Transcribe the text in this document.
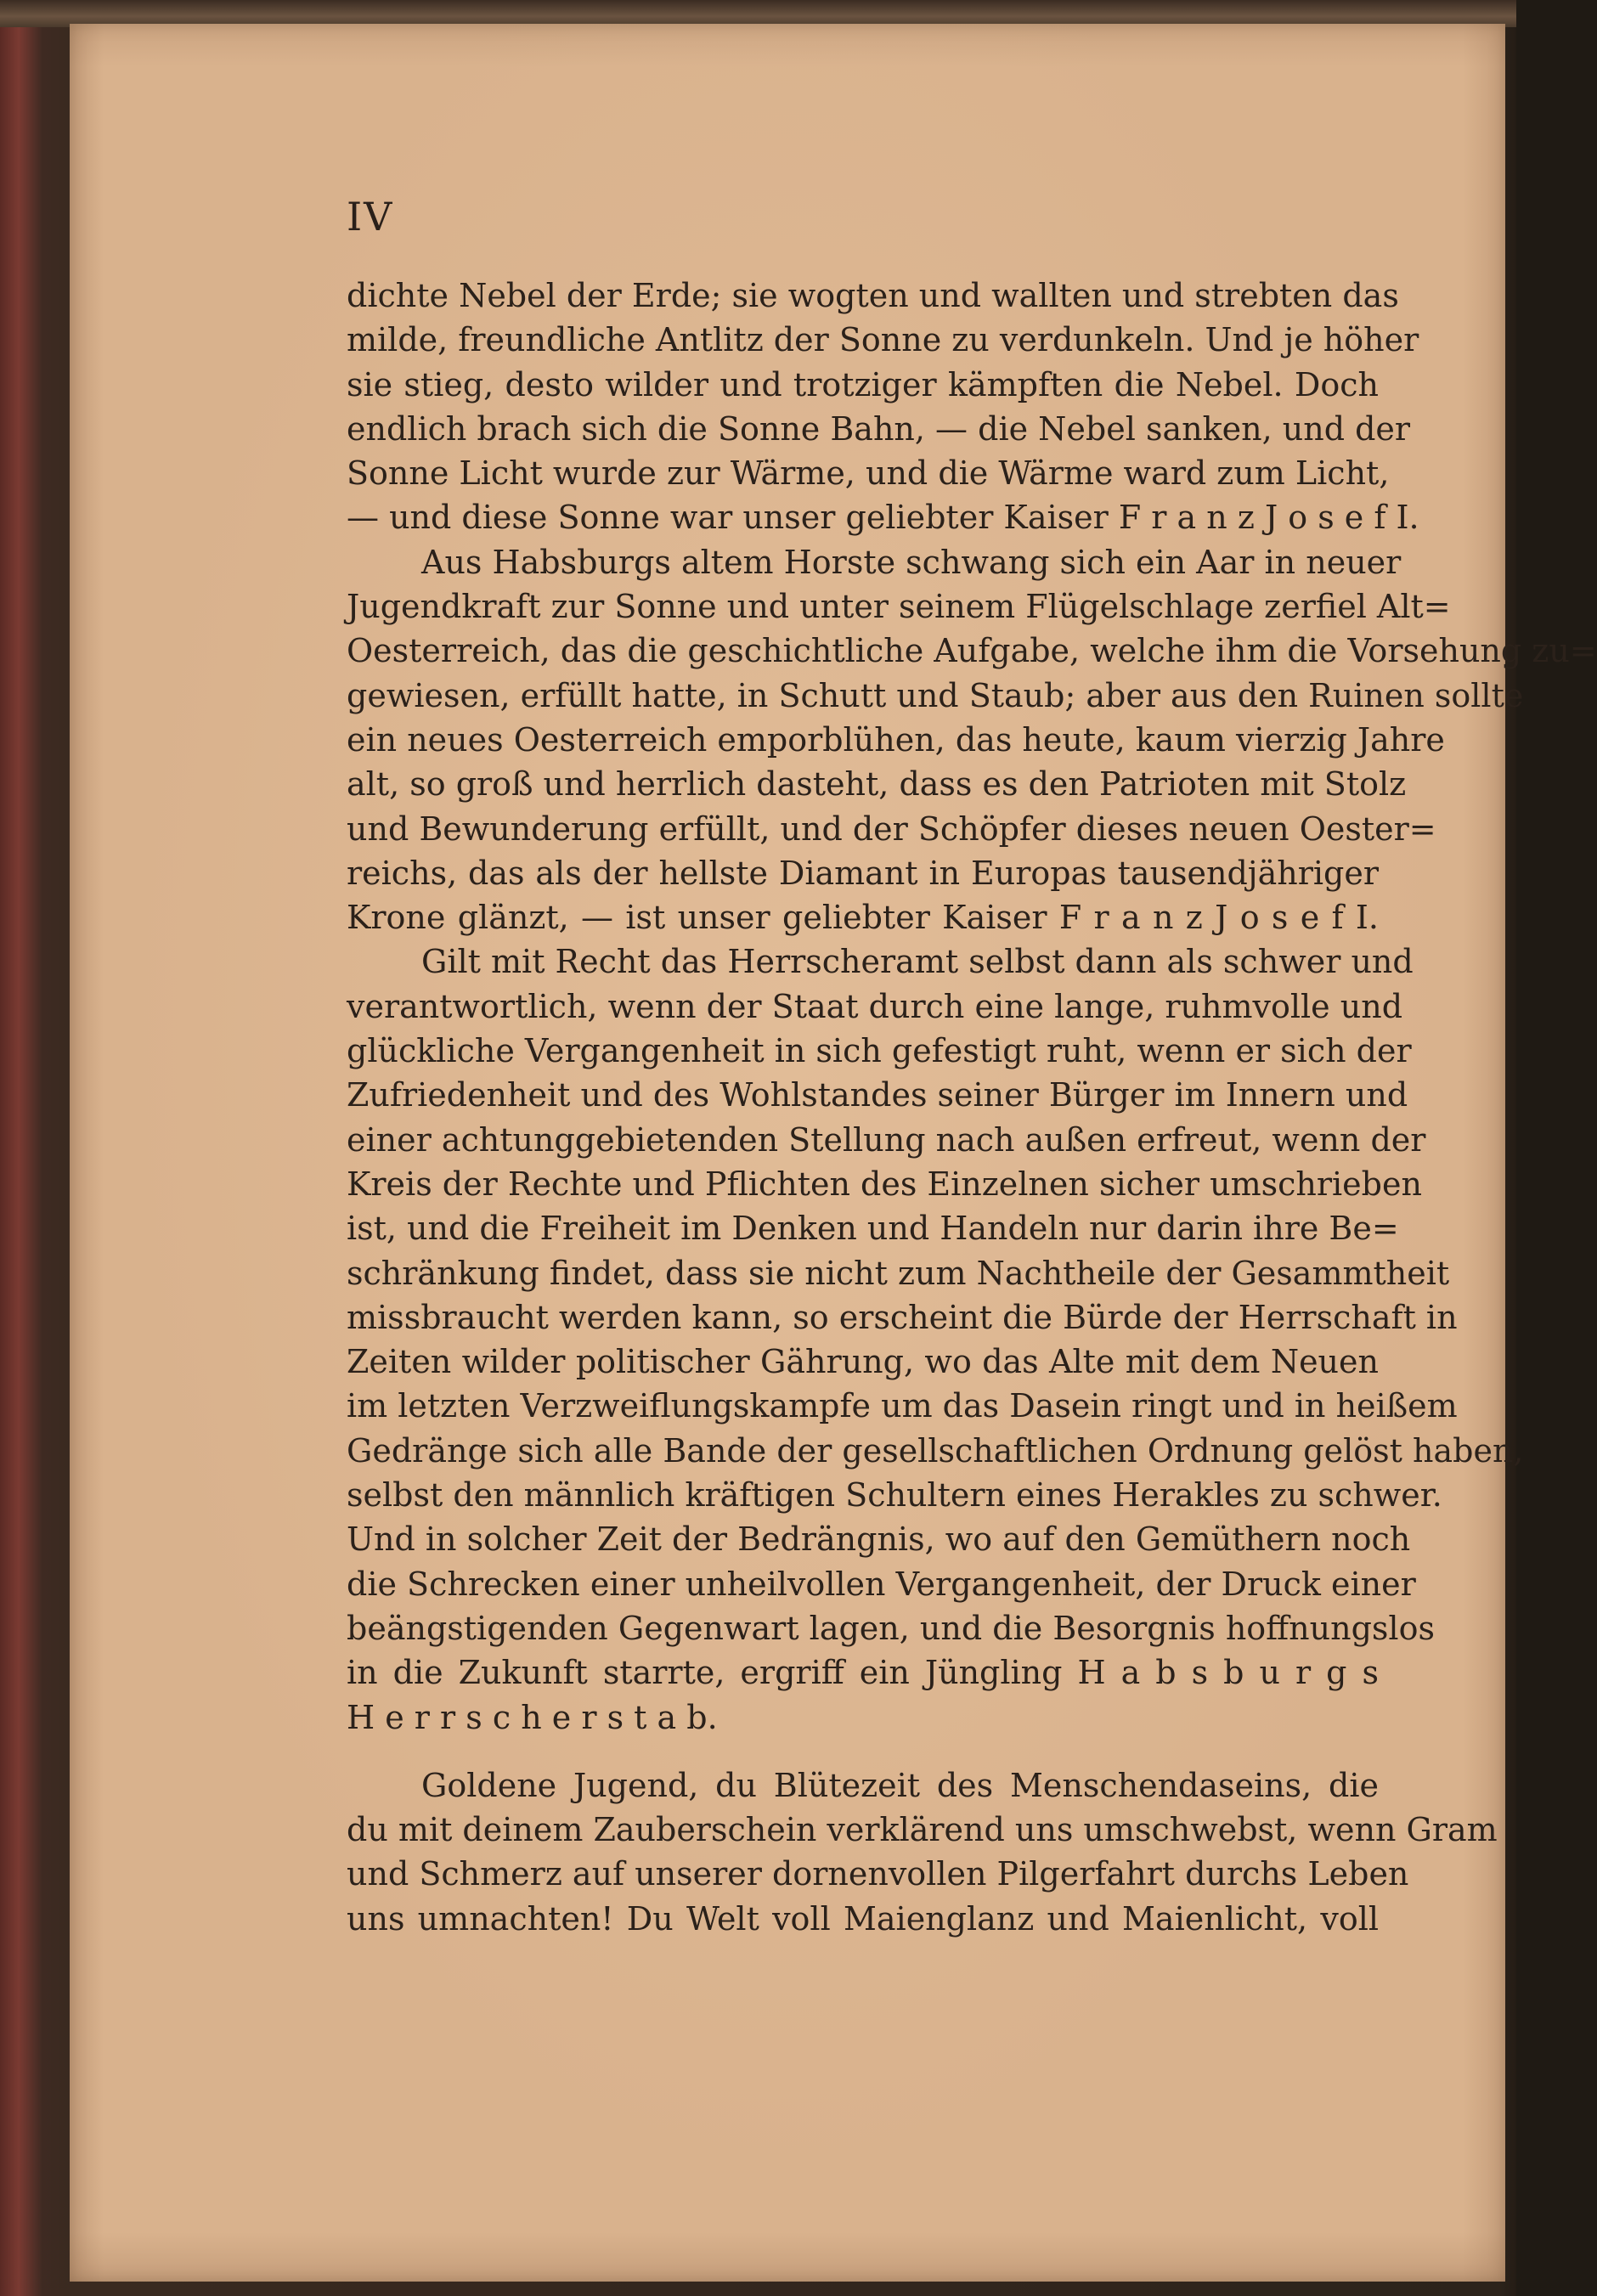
IV
dichte Nebel der Erde; sie wogten und wallten und strebten das
milde, freundliche Antlitz der Sonne zu verdunkeln. Und je höher
sie stieg, desto wilder und trotziger kämpften die Nebel. Doch
endlich brach sich die Sonne Bahn, — die Nebel sanken, und der
Sonne Licht wurde zur Wärme, und die Wärme ward zum Licht,
— und diese Sonne war unser geliebter Kaiser F r a n z J o s e f I.
Aus Habsburgs altem Horste schwang sich ein Aar in neuer
Jugendkraft zur Sonne und unter seinem Flügelschlage zerfiel Alt=
Oesterreich, das die geschichtliche Aufgabe, welche ihm die Vorsehung zu=
gewiesen, erfüllt hatte, in Schutt und Staub; aber aus den Ruinen sollte
ein neues Oesterreich emporblühen, das heute, kaum vierzig Jahre
alt, so groß und herrlich dasteht, dass es den Patrioten mit Stolz
und Bewunderung erfüllt, und der Schöpfer dieses neuen Oester=
reichs, das als der hellste Diamant in Europas tausendjähriger
Krone glänzt, — ist unser geliebter Kaiser F r a n z J o s e f I.
Gilt mit Recht das Herrscheramt selbst dann als schwer und
verantwortlich, wenn der Staat durch eine lange, ruhmvolle und
glückliche Vergangenheit in sich gefestigt ruht, wenn er sich der
Zufriedenheit und des Wohlstandes seiner Bürger im Innern und
einer achtunggebietenden Stellung nach außen erfreut, wenn der
Kreis der Rechte und Pflichten des Einzelnen sicher umschrieben
ist, und die Freiheit im Denken und Handeln nur darin ihre Be=
schränkung findet, dass sie nicht zum Nachtheile der Gesammtheit
missbraucht werden kann, so erscheint die Bürde der Herrschaft in
Zeiten wilder politischer Gährung, wo das Alte mit dem Neuen
im letzten Verzweiflungskampfe um das Dasein ringt und in heißem
Gedränge sich alle Bande der gesellschaftlichen Ordnung gelöst haben,
selbst den männlich kräftigen Schultern eines Herakles zu schwer.
Und in solcher Zeit der Bedrängnis, wo auf den Gemüthern noch
die Schrecken einer unheilvollen Vergangenheit, der Druck einer
beängstigenden Gegenwart lagen, und die Besorgnis hoffnungslos
in die Zukunft starrte, ergriff ein Jüngling H a b s b u r g s
H e r r s c h e r s t a b.
Goldene Jugend, du Blütezeit des Menschendaseins, die
du mit deinem Zauberschein verklärend uns umschwebst, wenn Gram
und Schmerz auf unserer dornenvollen Pilgerfahrt durchs Leben
uns umnachten! Du Welt voll Maienglanz und Maienlicht, voll
